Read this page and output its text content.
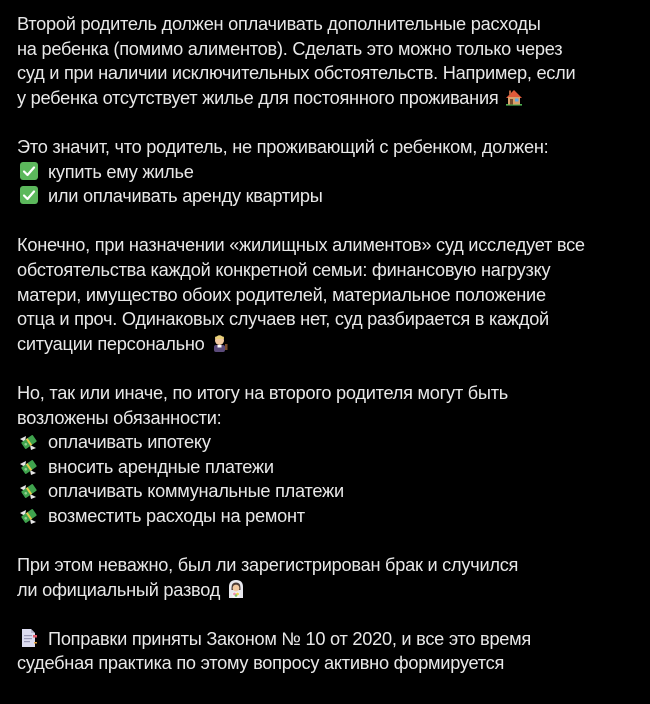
Второй родитель должен оплачивать дополнительные расходы
на ребенка (помимо алиментов). Сделать это можно только через
суд и при наличии исключительных обстоятельств. Например, если
у ребенка отсутствует жилье для постоянного проживания
Это значит, что родитель, не проживающий с ребенком, должен:
купить ему жилье
или оплачивать аренду квартиры
Конечно, при назначении «жилищных алиментов» суд исследует все
обстоятельства каждой конкретной семьи: финансовую нагрузку
матери, имущество обоих родителей, материальное положение
отца и проч. Одинаковых случаев нет, суд разбирается в каждой
ситуации персонально
Но, так или иначе, по итогу на второго родителя могут быть
возложены обязанности:
оплачивать ипотеку
вносить арендные платежи
оплачивать коммунальные платежи
возместить расходы на ремонт
При этом неважно, был ли зарегистрирован брак и случился
ли официальный развод
Поправки приняты Законом № 10 от 2020, и все это время
судебная практика по этому вопросу активно формируется
